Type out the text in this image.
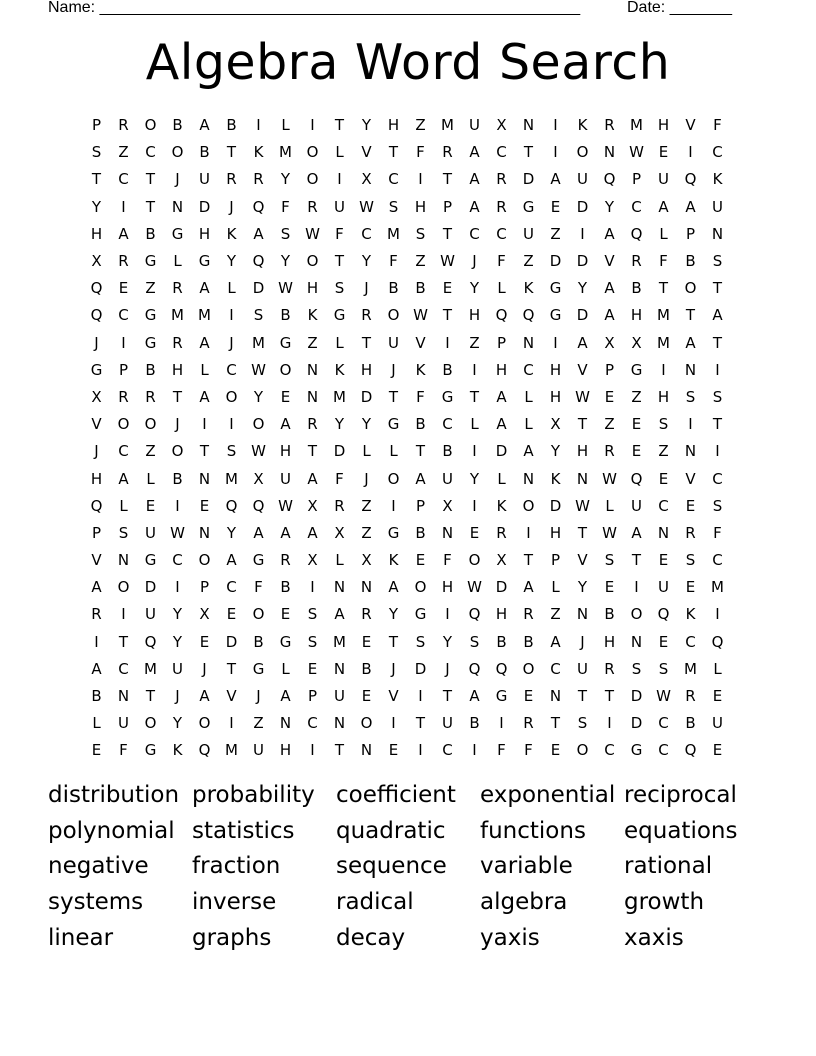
Name: ______________________________________________________	Date: _______
Algebra Word Search
P	R	O	B	A	B	I	L	I	T	Y	H	Z	M	U	X	N	I	K	R	M H	V	F
S	Z	C	O	B	T	K	M O	L	V	T	F	R	A	C	T	I	O	N W E	I	C
T	C	T	J	U	R	R	Y	O	I	X	C	I	T	A	R	D	A	U	Q	P	U	Q	K
Y	I	T	N	D	J	Q	F	R	U W S	H	P	A	R	G	E	D	Y	C	A	A	U
H	A	B	G	H	K	A	S W	F	C	M	S	T	C	C	U	Z	I	A	Q	L	P	N
X	R	G	L	G	Y	Q	Y	O	T	Y	F	Z W	J	F	Z	D	D	V	R	F	B	S
Q	E	Z	R	A	L	D W H	S	J	B	B	E	Y	L	K	G	Y	A	B	T	O	T
Q	C	G M M	I	S	B	K	G	R	O W T	H	Q	Q	G	D	A	H M	T	A
J	I	G	R	A	J	M G	Z	L	T	U	V	I	Z	P	N	I	A	X	X	M	A	T
G	P	B	H	L	C W O	N	K	H	J	K	B	I	H	C	H	V	P	G	I	N	I
X	R	R	T	A	O	Y	E	N M D	T	F	G	T	A	L	H W E	Z	H	S	S
V	O	O	J	I	I	O	A	R	Y	Y	G	B	C	L	A	L	X	T	Z	E	S	I	T
J	C	Z	O	T	S W H	T	D	L	L	T	B	I	D	A	Y	H	R	E	Z	N	I
H	A	L	B	N M	X	U	A	F	J	O	A	U	Y	L	N	K	N W Q	E	V	C
Q	L	E	I	E	Q	Q W X	R	Z	I	P	X	I	K	O	D W	L	U	C	E	S
P	S	U W N	Y	A	A	A	X	Z	G	B	N	E	R	I	H	T	W A	N	R	F
V	N	G	C	O	A	G	R	X	L	X	K	E	F	O	X	T	P	V	S	T	E	S	C
A	O	D	I	P	C	F	B	I	N	N	A	O	H W D	A	L	Y	E	I	U	E	M
R	I	U	Y	X	E	O	E	S	A	R	Y	G	I	Q	H	R	Z	N	B	O	Q	K	I
I	T	Q	Y	E	D	B	G	S	M	E	T	S	Y	S	B	B	A	J	H	N	E	C	Q
A	C	M	U	J	T	G	L	E	N	B	J	D	J	Q	Q	O	C	U	R	S	S	M	L
B	N	T	J	A	V	J	A	P	U	E	V	I	T	A	G	E	N	T	T	D W R	E
L	U	O	Y	O	I	Z	N	C	N	O	I	T	U	B	I	R	T	S	I	D	C	B	U
E	F	G	K	Q M	U	H	I	T	N	E	I	C	I	F	F	E	O	C	G	C	Q	E
distribution probability coefficient	exponential reciprocal
polynomial statistics	quadratic	functions	equations
negative	fraction	sequence	variable	rational
systems	inverse	radical	algebra	growth
linear	graphs	decay	yaxis	xaxis
